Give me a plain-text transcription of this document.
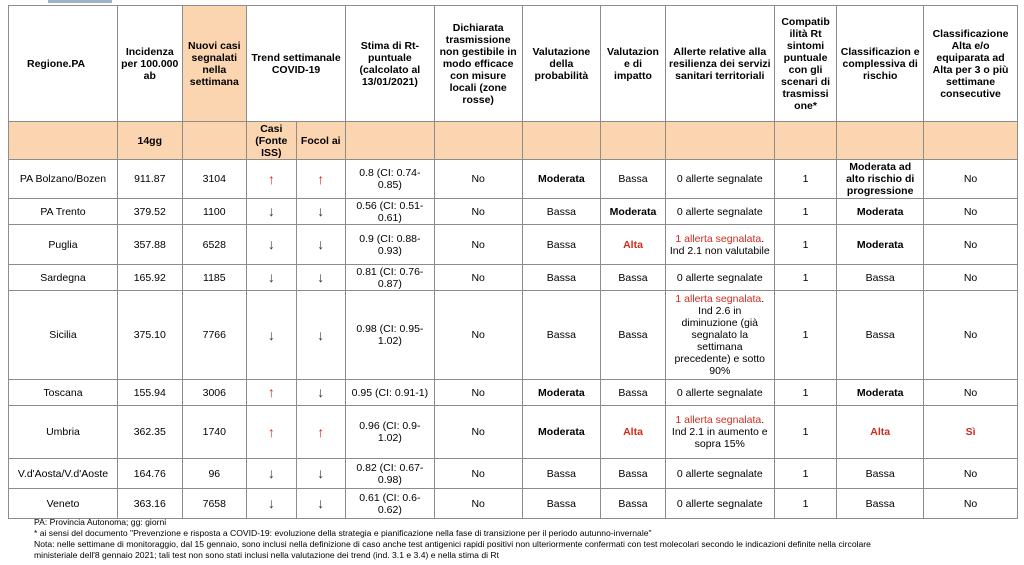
Regione.PA	Incidenza per 100.000 ab	Nuovi casi segnalati nella settimana	Trend settimanale COVID-19		Stima di Rt-puntuale (calcolato al 13/01/2021)	Dichiarata trasmissione non gestibile in modo efficace con misure locali (zone rosse)	Valutazione della probabilità	Valutazion e di impatto	Allerte relative alla resilienza dei servizi sanitari territoriali	Compatib ilità Rt sintomi puntuale con gli scenari di trasmissi one*	Classificazion e complessiva di rischio	Classificazione Alta e/o equiparata ad Alta per 3 o più settimane consecutive
	14gg		Casi (Fonte ISS)	Focol ai								
PA Bolzano/Bozen	911.87	3104	↑	↑	0.8 (CI: 0.74-0.85)	No	Moderata	Bassa	0 allerte segnalate	1	Moderata ad alto rischio di progressione	No
PA Trento	379.52	1100	↓	↓	0.56 (CI: 0.51-0.61)	No	Bassa	Moderata	0 allerte segnalate	1	Moderata	No
Puglia	357.88	6528	↓	↓	0.9 (CI: 0.88-0.93)	No	Bassa	Alta	1 allerta segnalata. Ind 2.1 non valutabile	1	Moderata	No
Sardegna	165.92	1185	↓	↓	0.81 (CI: 0.76-0.87)	No	Bassa	Bassa	0 allerte segnalate	1	Bassa	No
Sicilia	375.10	7766	↓	↓	0.98 (CI: 0.95-1.02)	No	Bassa	Bassa	1 allerta segnalata. Ind 2.6 in diminuzione (già segnalato la settimana precedente) e sotto 90%	1	Bassa	No
Toscana	155.94	3006	↑	↓	0.95 (CI: 0.91-1)	No	Moderata	Bassa	0 allerte segnalate	1	Moderata	No
Umbria	362.35	1740	↑	↑	0.96 (CI: 0.9-1.02)	No	Moderata	Alta	1 allerta segnalata. Ind 2.1 in aumento e sopra 15%	1	Alta	Sì
V.d'Aosta/V.d'Aoste	164.76	96	↓	↓	0.82 (CI: 0.67-0.98)	No	Bassa	Bassa	0 allerte segnalate	1	Bassa	No
Veneto	363.16	7658	↓	↓	0.61 (CI: 0.6-0.62)	No	Bassa	Bassa	0 allerte segnalate	1	Bassa	No
PA: Provincia Autonoma; gg: giorni
* ai sensi del documento "Prevenzione e risposta a COVID-19: evoluzione della strategia e pianificazione nella fase di transizione per il periodo autunno-invernale"
Nota: nelle settimane di monitoraggio, dal 15 gennaio, sono inclusi nella definizione di caso anche test antigenici rapidi positivi non ulteriormente confermati con test molecolari secondo le indicazioni definite nella circolare
ministeriale dell'8 gennaio 2021; tali test non sono stati inclusi nella valutazione dei trend (ind. 3.1 e 3.4) e nella stima di Rt
